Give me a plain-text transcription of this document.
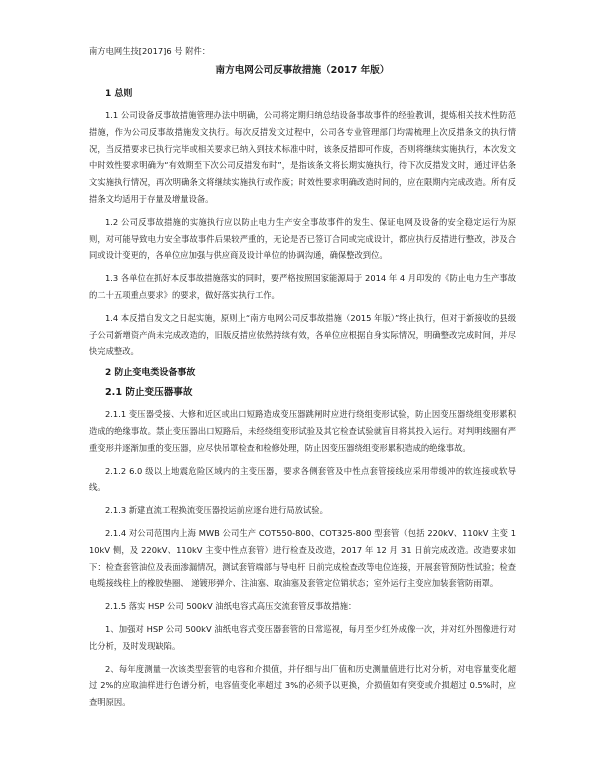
南方电网生技[2017]6 号 附件：

南方电网公司反事故措施（2017 年版）

1 总则

1.1 公司设备反事故措施管理办法中明确，公司将定期归纳总结设备事故事件的经验教训，提炼相关技术性防范措施，作为公司反事故措施发文执行。每次反措发文过程中，公司各专业管理部门均需梳理上次反措条文的执行情况，当反措要求已执行完毕或相关要求已纳入到技术标准中时，该条反措即可作废，否则将继续实施执行，本次发文中时效性要求明确为“有效期至下次公司反措发布时”，是指该条文将长期实施执行，待下次反措发文时，通过评估条文实施执行情况，再次明确条文将继续实施执行或作废；时效性要求明确改造时间的，应在限期内完成改造。所有反措条文均适用于存量及增量设备。

1.2 公司反事故措施的实施执行应以防止电力生产安全事故事件的发生、保证电网及设备的安全稳定运行为原则，对可能导致电力安全事故事件后果较严重的，无论是否已签订合同或完成设计，都应执行反措进行整改，涉及合同或设计变更的，各单位应加强与供应商及设计单位的协调沟通，确保整改到位。

1.3 各单位在抓好本反事故措施落实的同时，要严格按照国家能源局于 2014 年 4 月印发的《防止电力生产事故的二十五项重点要求》的要求，做好落实执行工作。

1.4 本反措自发文之日起实施，原则上“南方电网公司反事故措施（2015 年版）”终止执行，但对于新接收的县级子公司新增资产尚未完成改造的，旧版反措应依然持续有效，各单位应根据自身实际情况，明确整改完成时间，并尽快完成整改。

2 防止变电类设备事故

2.1 防止变压器事故

2.1.1 变压器受接、大修和近区或出口短路造成变压器跳闸时应进行绕组变形试验，防止因变压器绕组变形累积造成的绝缘事故。禁止变压器出口短路后，未经绕组变形试验及其它检查试验就盲目将其投入运行。对判明线圈有严重变形并逐渐加重的变压器，应尽快吊罩检查和检修处理，防止因变压器绕组变形累积造成的绝缘事故。

2.1.2 6.0 级以上地震危险区域内的主变压器，要求各侧套管及中性点套管接线应采用带缓冲的软连接或软导线。

2.1.3 新建直流工程换流变压器投运前应逐台进行局放试验。

2.1.4 对公司范围内上海 MWB 公司生产 COT550-800、COT325-800 型套管（包括 220kV、110kV 主变 110kV 侧，及 220kV、110kV 主变中性点套管）进行检查及改造，2017 年 12 月 31 日前完成改造。改造要求如下：检查套管油位及表面渗漏情况，测试套管端部与导电杆 日前完成检查改等电位连接，开展套管预防性试验；检查电缆接线柱上的橡胶垫圈、 递镀形弹介、注油塞、取油塞及套管定位销状态；室外运行主变应加装套管防雨罩。

2.1.5 落实 HSP 公司 500kV 油纸电容式高压交流套管反事故措施：

1、加强对 HSP 公司 500kV 油纸电容式变压器套管的日常巡视，每月至少红外成像一次，并对红外图像进行对比分析，及时发现缺陷。

2、每年度测量一次该类型套管的电容和介损值，并仔细与出厂值和历史测量值进行比对分析，对电容量变化超过 2%的应取油样进行色谱分析，电容值变化率超过 3%的必须予以更换，介损值如有突变或介损超过 0.5%时，应查明原因。
